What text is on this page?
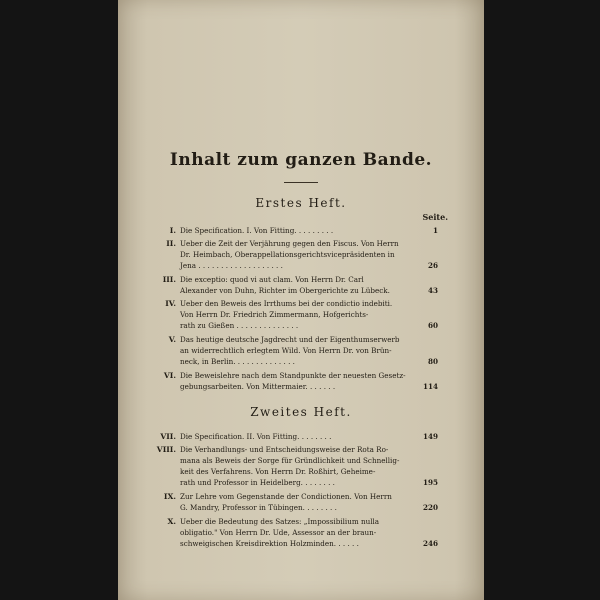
Inhalt zum ganzen Bande.
Erstes Heft.
Seite.
I. Die Specification. I. Von Fitting. . . . . . . . .	1
II. Ueber die Zeit der Verjährung gegen den Fiscus. Von Herrn
Dr. Heimbach, Oberappellationsgerichtsvicepräsidenten in
Jena . . . . . . . . . . . . . . . . . . .	26
III. Die exceptio: quod vi aut clam. Von Herrn Dr. Carl
Alexander von Duhn, Richter im Obergerichte zu Lübeck.	43
IV. Ueber den Beweis des Irrthums bei der condictio indebiti.
Von Herrn Dr. Friedrich Zimmermann, Hofgerichts-
rath zu Gießen . . . . . . . . . . . . . .	60
V. Das heutige deutsche Jagdrecht und der Eigenthumserwerb
an widerrechtlich erlegtem Wild. Von Herrn Dr. von Brün-
neck, in Berlin. . . . . . . . . . . . . .	80
VI. Die Beweislehre nach dem Standpunkte der neuesten Gesetz-
gebungsarbeiten. Von Mittermaier. . . . . . .	114
Zweites Heft.
VII. Die Specification. II. Von Fitting. . . . . . . .	149
VIII. Die Verhandlungs- und Entscheidungsweise der Rota Ro-
mana als Beweis der Sorge für Gründlichkeit und Schnellig-
keit des Verfahrens. Von Herrn Dr. Roßhirt, Geheime-
rath und Professor in Heidelberg. . . . . . . .	195
IX. Zur Lehre vom Gegenstande der Condictionen. Von Herrn
G. Mandry, Professor in Tübingen. . . . . . . .	220
X. Ueber die Bedeutung des Satzes: „Impossibilium nulla
obligatio." Von Herrn Dr. Ude, Assessor an der braun-
schweigischen Kreisdirektion Holzminden. . . . . .	246
